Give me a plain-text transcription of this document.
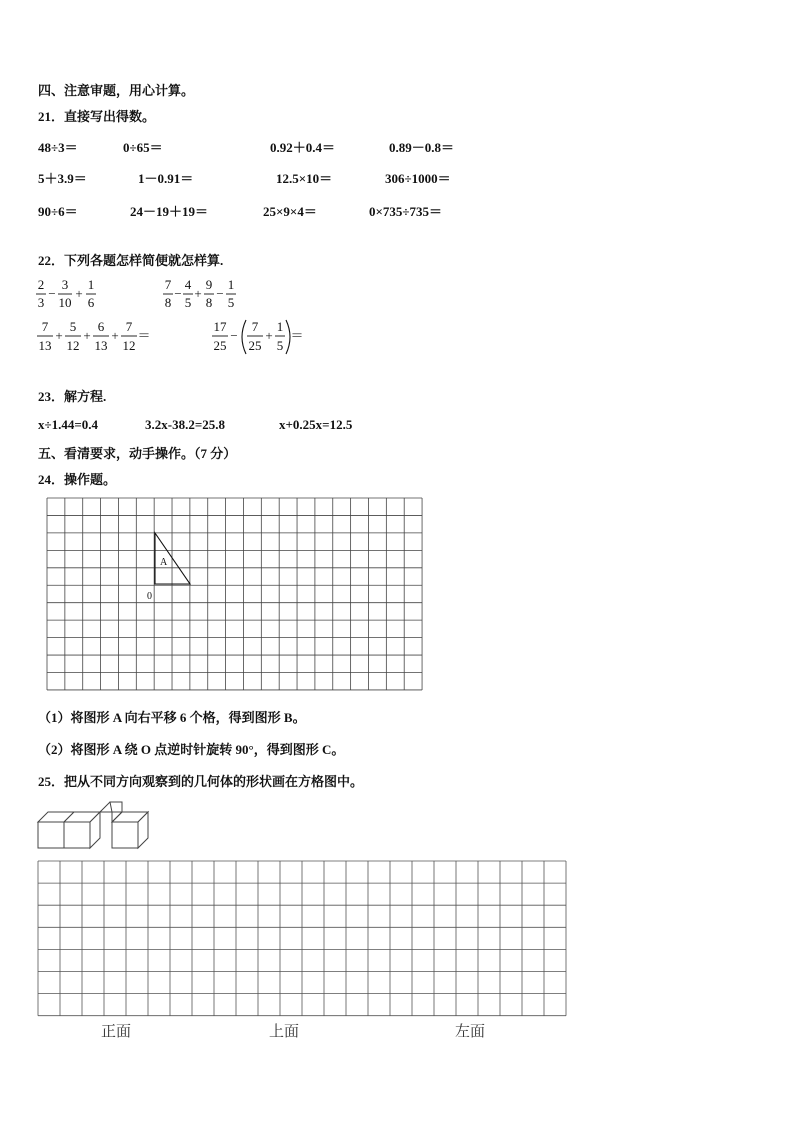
四、注意审题，用心计算。
21．直接写出得数。
48÷3＝	0÷65＝	0.92＋0.4＝	0.89－0.8＝
5＋3.9＝	1－0.91＝	12.5×10＝	306÷1000＝
90÷6＝	24－19＋19＝	25×9×4＝	0×735÷735＝
22．下列各题怎样简便就怎样算.
2
3
−
3
10
+
1
6
7
8
−
4
5
+
9
8
−
1
5
7
13
+
5
12
+
6
13
+
7
12
＝
17
25
−
7
25
+
1
5
＝
23．解方程.
x÷1.44=0.4	3.2x-38.2=25.8	x+0.25x=12.5
五、看清要求，动手操作。（7 分）
24．操作题。
A
0
（1）将图形 A 向右平移 6 个格，得到图形 B。
（2）将图形 A 绕 O 点逆时针旋转 90°，得到图形 C。
25．把从不同方向观察到的几何体的形状画在方格图中。
正面	上面	左面
